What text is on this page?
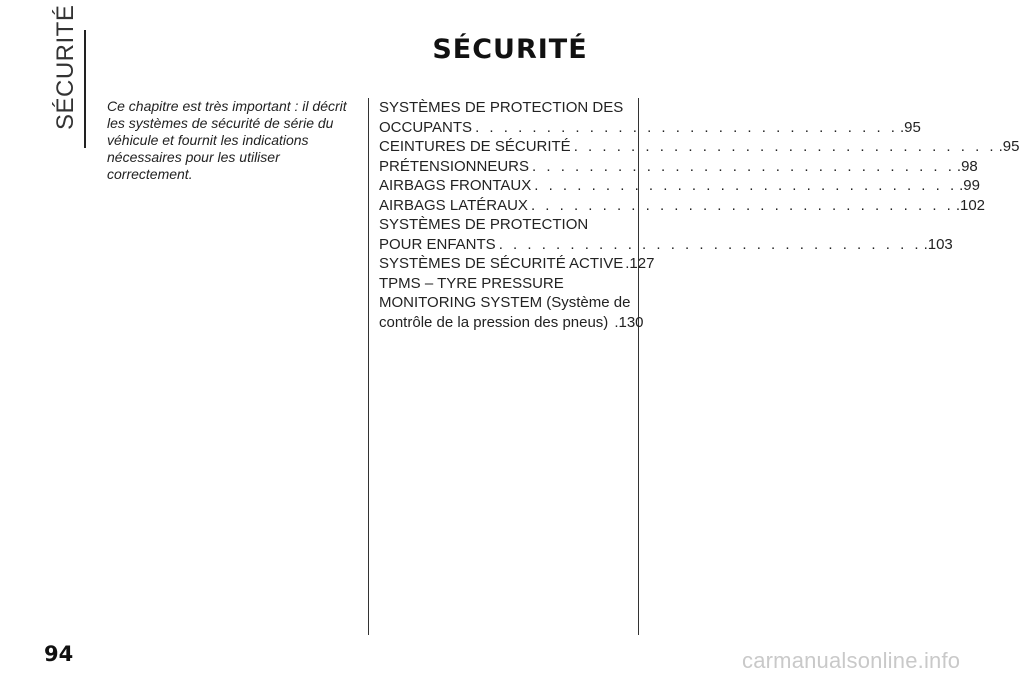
SÉCURITÉ	SÉCURITÉ

Ce chapitre est très important : il décrit les systèmes de sécurité de série du véhicule et fournit les indications nécessaires pour les utiliser correctement.

SYSTÈMES DE PROTECTION DES
OCCUPANTS . . . . . . . . . . . . . . . . . . . . . . . . . . . . . . .95
CEINTURES DE SÉCURITÉ . . . . . . . . . . . . . . . . . . . . . . . . . . . . . . .95
PRÉTENSIONNEURS . . . . . . . . . . . . . . . . . . . . . . . . . . . . . . .98
AIRBAGS FRONTAUX . . . . . . . . . . . . . . . . . . . . . . . . . . . . . . .99
AIRBAGS LATÉRAUX . . . . . . . . . . . . . . . . . . . . . . . . . . . . . . .102
SYSTÈMES DE PROTECTION
POUR ENFANTS . . . . . . . . . . . . . . . . . . . . . . . . . . . . . . .103
SYSTÈMES DE SÉCURITÉ ACTIVE .127
TPMS – TYRE PRESSURE
MONITORING SYSTEM (Système de
contrôle de la pression des pneus) .130
94	carmanualsonline.info
